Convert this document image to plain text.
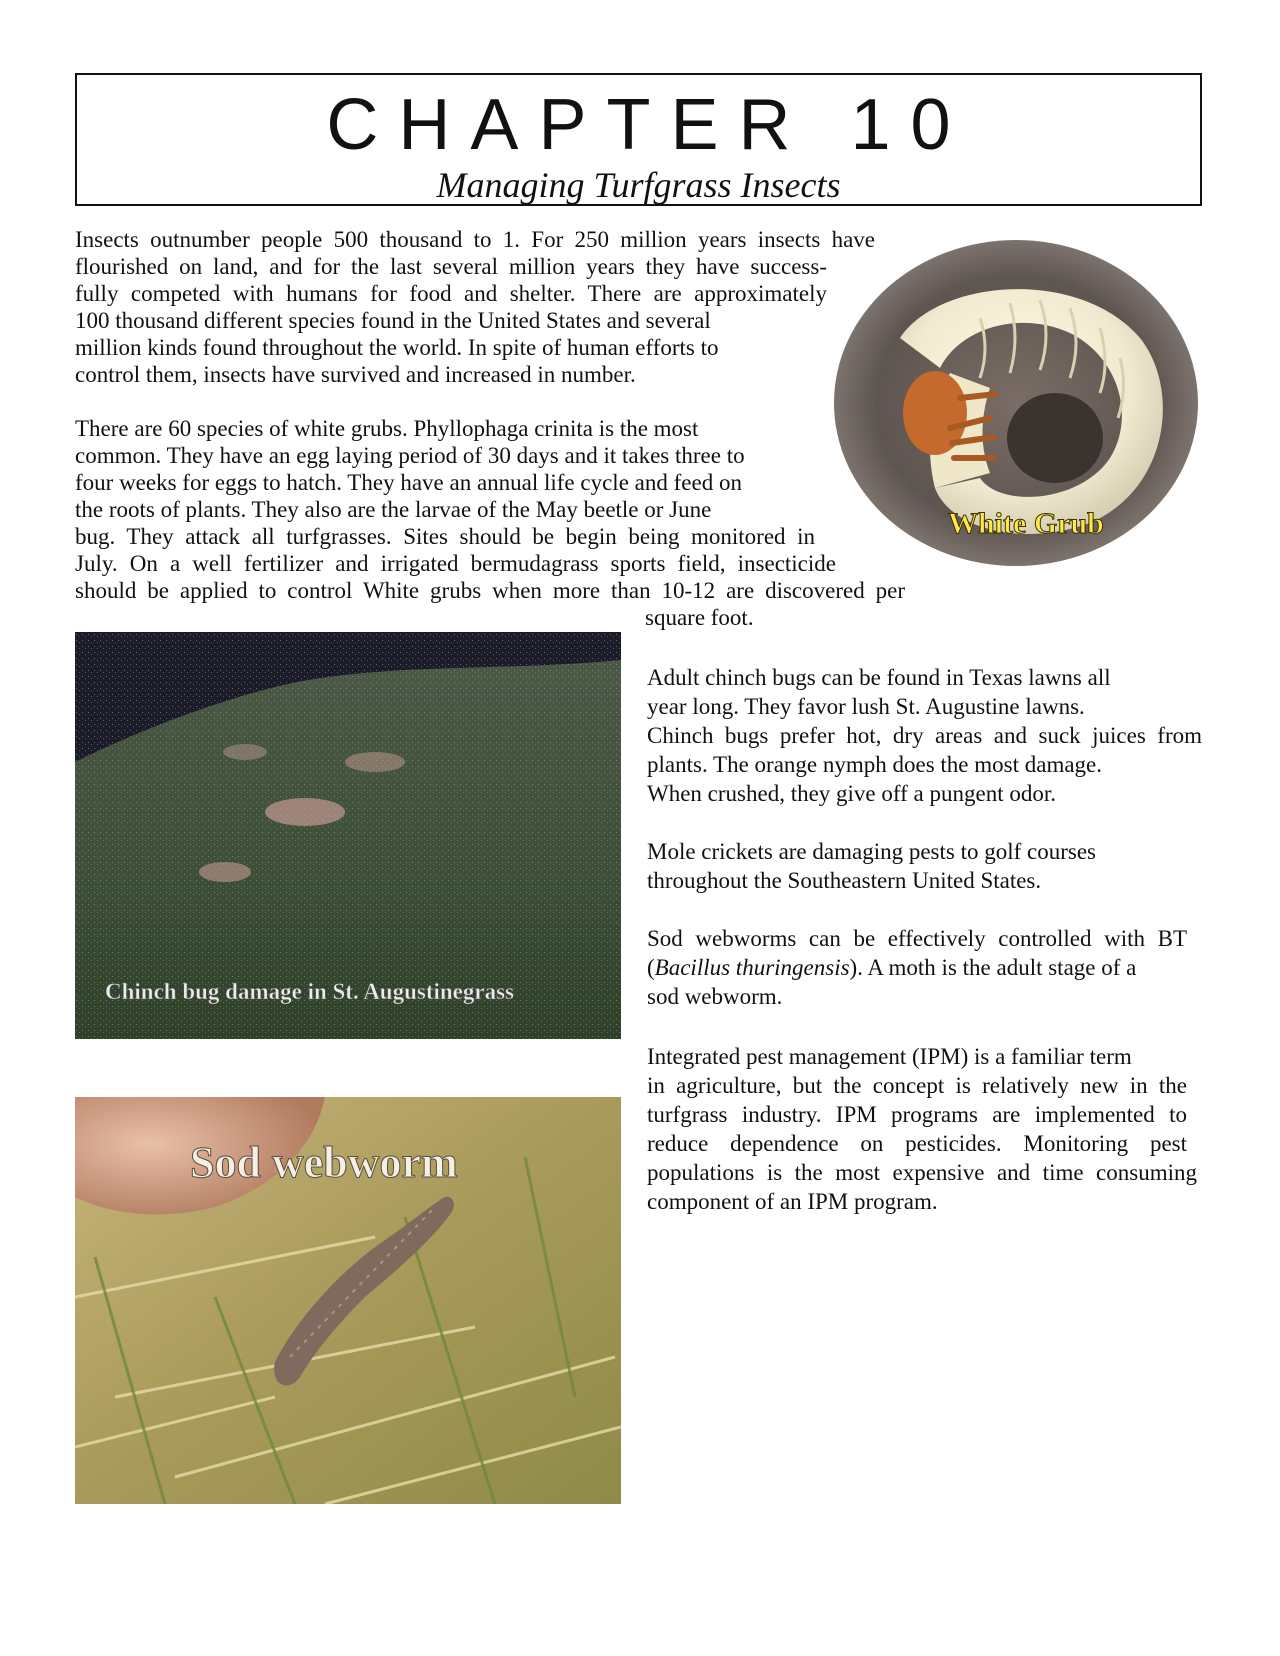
CHAPTER 10
Managing Turfgrass Insects
Insects outnumber people 500 thousand to 1. For 250 million years insects have
flourished on land, and for the last several million years they have success-
fully competed with humans for food and shelter. There are approximately
100 thousand different species found in the United States and several
million kinds found throughout the world. In spite of human efforts to
control them, insects have survived and increased in number.
There are 60 species of white grubs. Phyllophaga crinita is the most
common. They have an egg laying period of 30 days and it takes three to
four weeks for eggs to hatch. They have an annual life cycle and feed on
the roots of plants. They also are the larvae of the May beetle or June
bug. They attack all turfgrasses. Sites should be begin being monitored in
July. On a well fertilizer and irrigated bermudagrass sports field, insecticide
should be applied to control White grubs when more than 10-12 are discovered per
square foot.
White Grub
Chinch bug damage in St. Augustinegrass
Sod webworm
Adult chinch bugs can be found in Texas lawns all
year long. They favor lush St. Augustine lawns.
Chinch bugs prefer hot, dry areas and suck juices from
plants. The orange nymph does the most damage.
When crushed, they give off a pungent odor.
Mole crickets are damaging pests to golf courses
throughout the Southeastern United States.
Sod webworms can be effectively controlled with BT
(Bacillus thuringensis). A moth is the adult stage of a
sod webworm.
Integrated pest management (IPM) is a familiar term
in agriculture, but the concept is relatively new in the
turfgrass industry. IPM programs are implemented to
reduce dependence on pesticides. Monitoring pest
populations is the most expensive and time consuming
component of an IPM program.
